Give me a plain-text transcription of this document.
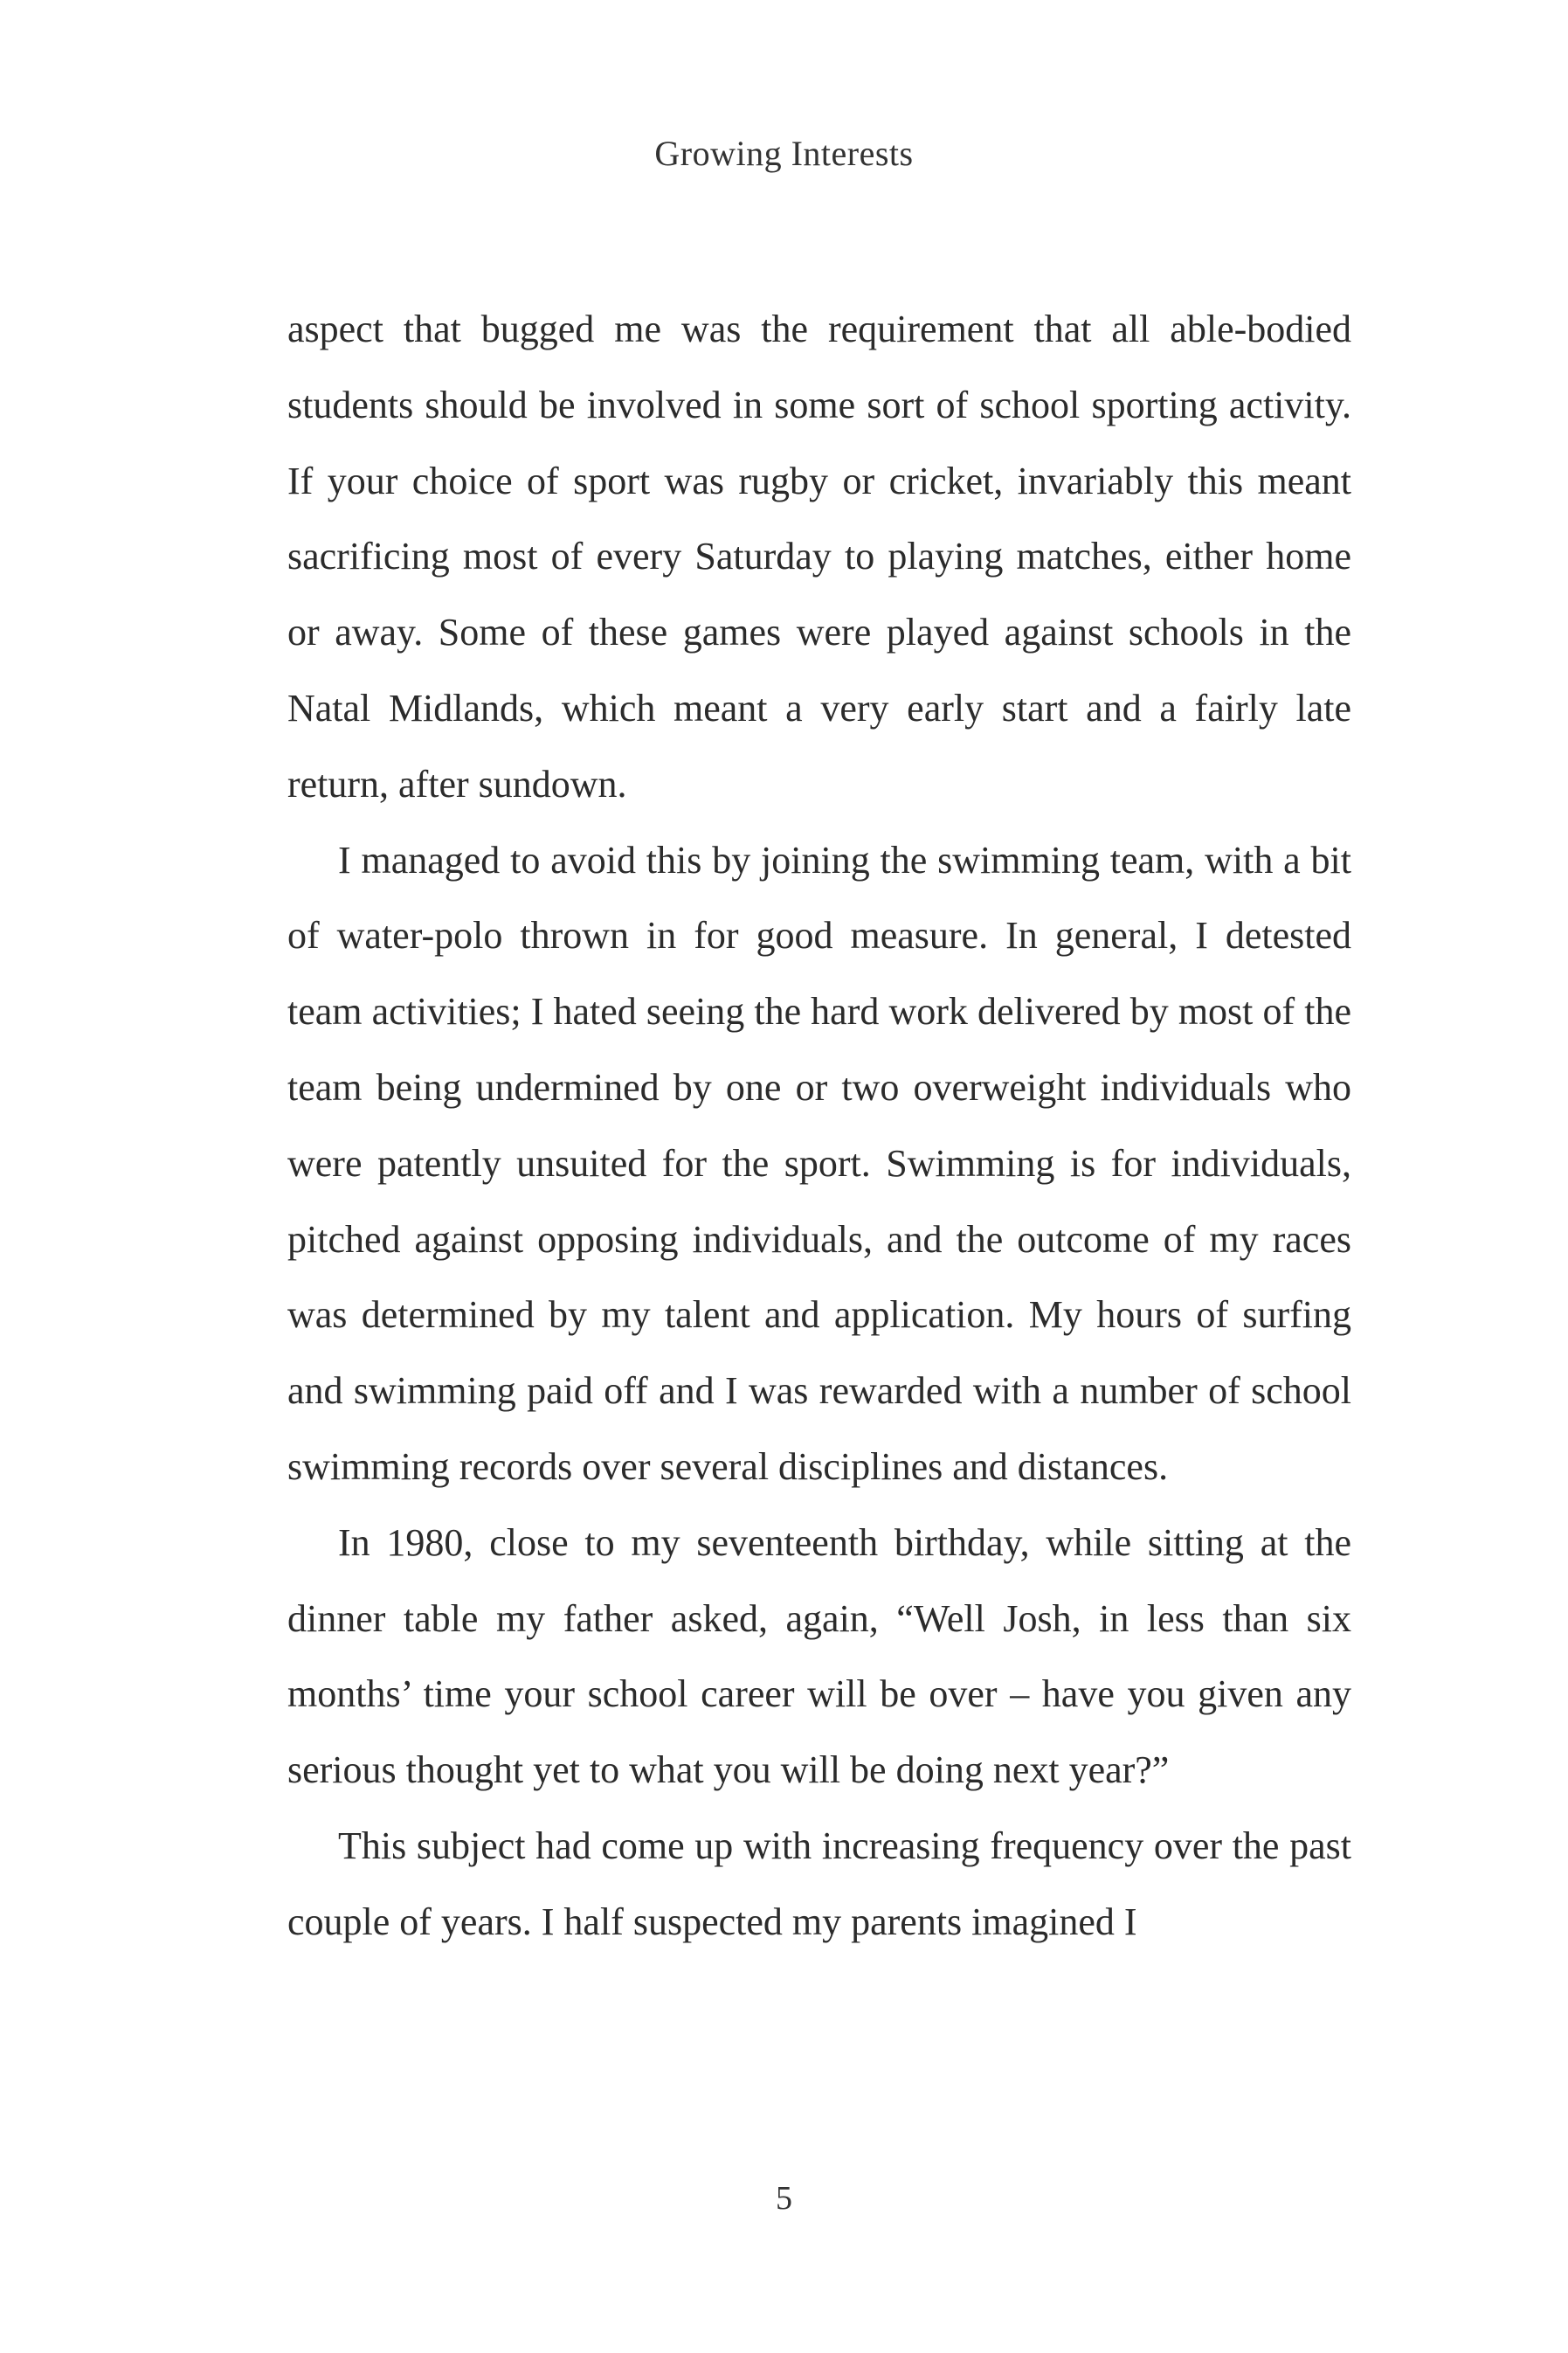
Growing Interests

aspect that bugged me was the requirement that all able-bodied students should be involved in some sort of school sporting activity. If your choice of sport was rugby or cricket, invariably this meant sacrificing most of every Saturday to playing matches, either home or away. Some of these games were played against schools in the Natal Midlands, which meant a very early start and a fairly late return, after sundown.

I managed to avoid this by joining the swimming team, with a bit of water-polo thrown in for good measure. In general, I detested team activities; I hated seeing the hard work delivered by most of the team being undermined by one or two overweight individuals who were patently unsuited for the sport. Swimming is for individuals, pitched against opposing individuals, and the outcome of my races was determined by my talent and application. My hours of surfing and swimming paid off and I was rewarded with a number of school swimming records over several disciplines and distances.

In 1980, close to my seventeenth birthday, while sitting at the dinner table my father asked, again, “Well Josh, in less than six months’ time your school career will be over – have you given any serious thought yet to what you will be doing next year?”

This subject had come up with increasing frequency over the past couple of years. I half suspected my parents imagined I

5
